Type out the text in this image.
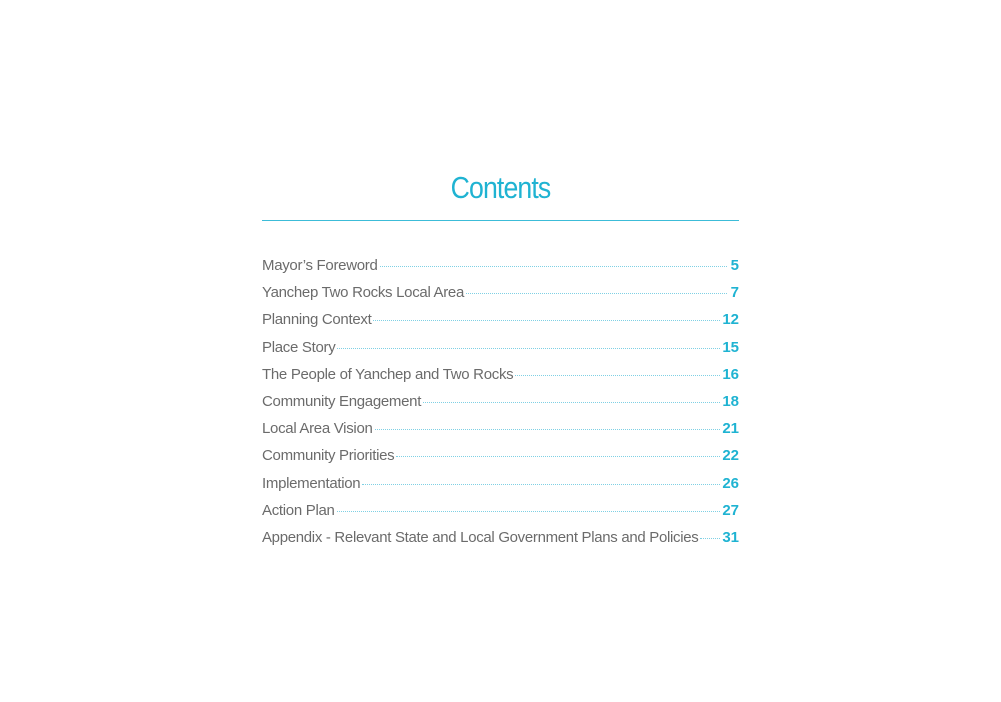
Contents
Mayor’s Foreword	5
Yanchep Two Rocks Local Area	7
Planning Context	12
Place Story	15
The People of Yanchep and Two Rocks	16
Community Engagement	18
Local Area Vision	21
Community Priorities	22
Implementation	26
Action Plan	27
Appendix - Relevant State and Local Government Plans and Policies 31
